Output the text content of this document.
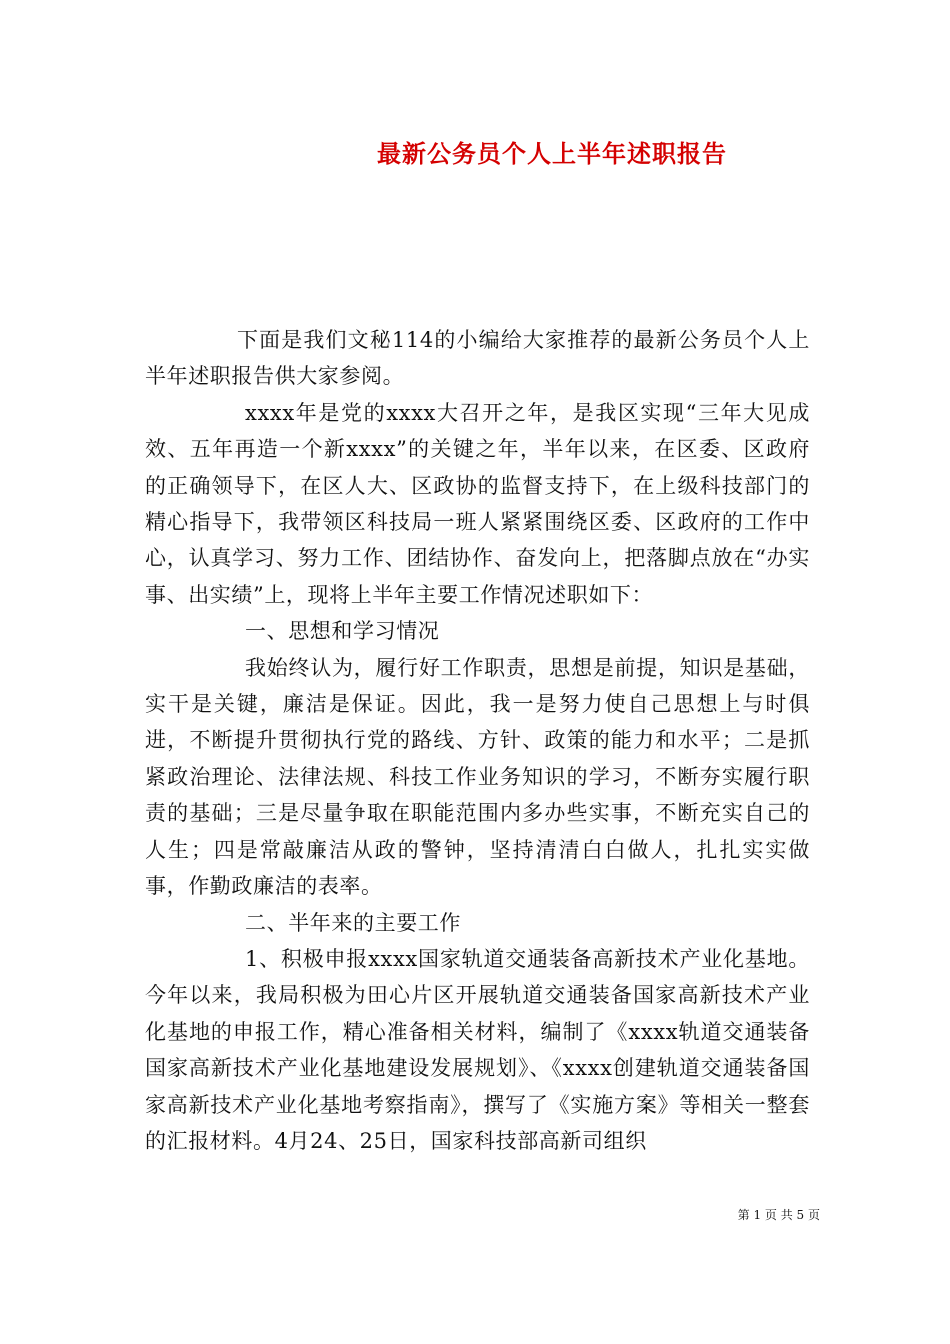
最新公务员个人上半年述职报告

下面是我们文秘114的小编给大家推荐的最新公务员个人上半年述职报告供大家参阅。

xxxx年是党的xxxx大召开之年，是我区实现“三年大见成效、五年再造一个新xxxx”的关键之年，半年以来，在区委、区政府的正确领导下，在区人大、区政协的监督支持下，在上级科技部门的精心指导下，我带领区科技局一班人紧紧围绕区委、区政府的工作中心，认真学习、努力工作、团结协作、奋发向上，把落脚点放在“办实事、出实绩”上，现将上半年主要工作情况述职如下：

一、思想和学习情况

我始终认为，履行好工作职责，思想是前提，知识是基础，实干是关键，廉洁是保证。因此，我一是努力使自己思想上与时俱进，不断提升贯彻执行党的路线、方针、政策的能力和水平；二是抓紧政治理论、法律法规、科技工作业务知识的学习，不断夯实履行职责的基础；三是尽量争取在职能范围内多办些实事，不断充实自己的人生；四是常敲廉洁从政的警钟，坚持清清白白做人，扎扎实实做事，作勤政廉洁的表率。

二、半年来的主要工作

1、积极申报xxxx国家轨道交通装备高新技术产业化基地。今年以来，我局积极为田心片区开展轨道交通装备国家高新技术产业化基地的申报工作，精心准备相关材料，编制了《xxxx轨道交通装备国家高新技术产业化基地建设发展规划》、《xxxx创建轨道交通装备国家高新技术产业化基地考察指南》，撰写了《实施方案》等相关一整套的汇报材料。4月24、25日，国家科技部高新司组织

第 1 页 共 5 页
